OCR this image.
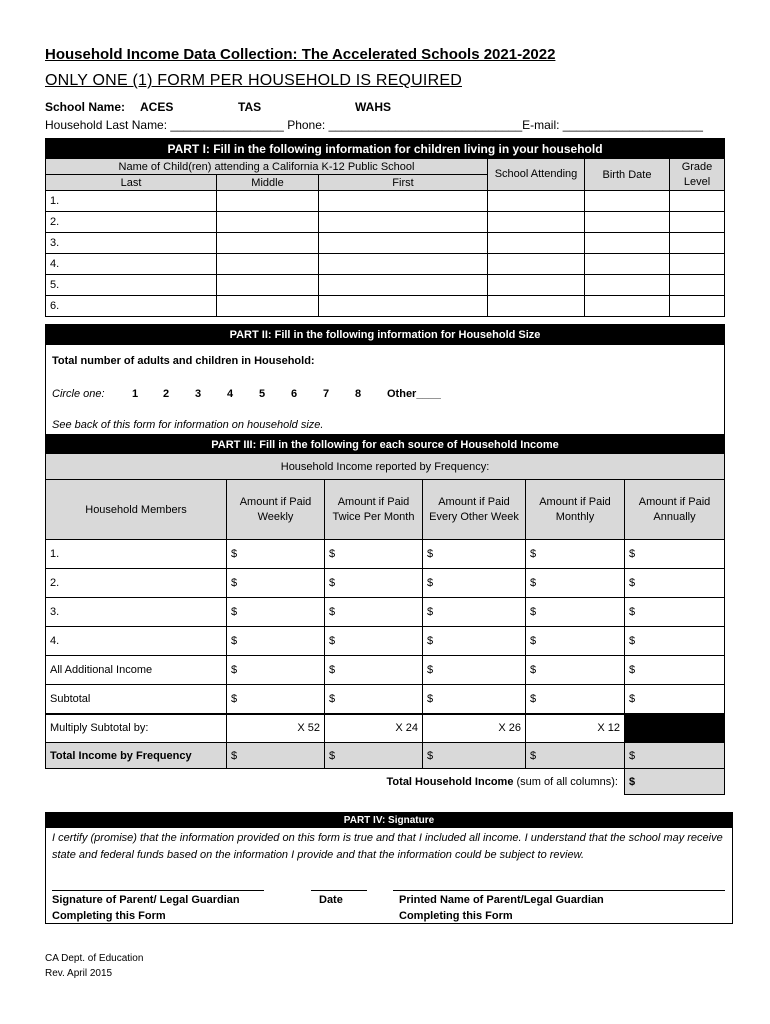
Household Income Data Collection: The Accelerated Schools 2021-2022
ONLY ONE (1) FORM PER HOUSEHOLD IS REQUIRED
School Name: ACES	TAS	WAHS
Household Last Name: _________________ Phone: _____________________________E-mail: _____________________
PART I: Fill in the following information for children living in your household					
Name of Child(ren) attending a California K-12 Public School			School Attending	Birth Date	Grade Level
Last	Middle	First			
1.					
2.					
3.					
4.					
5.					
6.					
PART II: Fill in the following information for Household Size

Total number of adults and children in Household:
Circle one: 1 2 3 4 5 6 7 8 Other____
See back of this form for information on household size.
PART III: Fill in the following for each source of Household Income					
Household Income reported by Frequency:					
Household Members	Amount if Paid Weekly	Amount if Paid Twice Per Month	Amount if Paid Every Other Week	Amount if Paid Monthly	Amount if Paid Annually
1.	$	$	$	$	$
2.	$	$	$	$	$
3.	$	$	$	$	$
4.	$	$	$	$	$
All Additional Income	$	$	$	$	$
Subtotal	$	$	$	$	$
Multiply Subtotal by:	X 52	X 24	X 26	X 12	
Total Income by Frequency	$	$	$	$	$
Total Household Income (sum of all columns):					$
PART IV: Signature

I certify (promise) that the information provided on this form is true and that I included all income. I understand that the school may receive state and federal funds based on the information I provide and that the information could be subject to review.
Signature of Parent/ Legal Guardian
Completing this Form
Date	Printed Name of Parent/Legal Guardian
Completing this Form
CA Dept. of Education
Rev. April 2015
